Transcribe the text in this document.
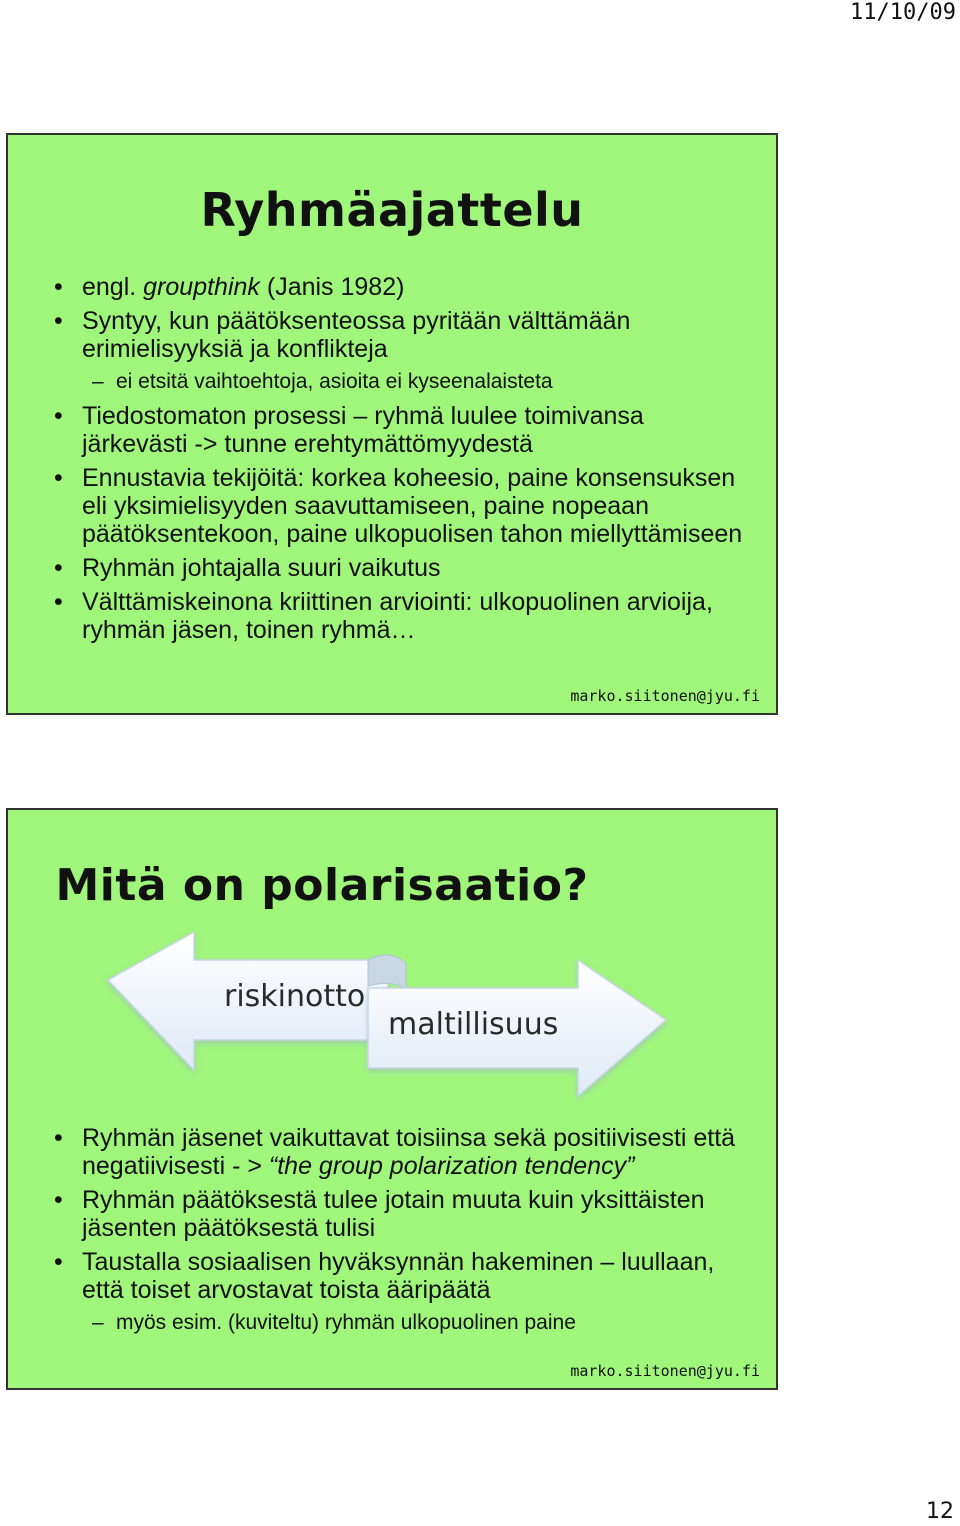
11/10/09
Ryhmäajattelu
• engl. groupthink (Janis 1982)
• Syntyy, kun päätöksenteossa pyritään välttämään erimielisyyksiä ja konflikteja
– ei etsitä vaihtoehtoja, asioita ei kyseenalaisteta
• Tiedostomaton prosessi – ryhmä luulee toimivansa järkevästi -> tunne erehtymättömyydestä
• Ennustavia tekijöitä: korkea koheesio, paine konsensuksen eli yksimielisyyden saavuttamiseen, paine nopeaan päätöksentekoon, paine ulkopuolisen tahon miellyttämiseen
• Ryhmän johtajalla suuri vaikutus
• Välttämiskeinona kriittinen arviointi: ulkopuolinen arvioija, ryhmän jäsen, toinen ryhmä…
marko.siitonen@jyu.fi
Mitä on polarisaatio?
riskinotto
maltillisuus
• Ryhmän jäsenet vaikuttavat toisiinsa sekä positiivisesti että negatiivisesti - > “the group polarization tendency”
• Ryhmän päätöksestä tulee jotain muuta kuin yksittäisten jäsenten päätöksestä tulisi
• Taustalla sosiaalisen hyväksynnän hakeminen – luullaan, että toiset arvostavat toista ääripäätä
– myös esim. (kuviteltu) ryhmän ulkopuolinen paine
marko.siitonen@jyu.fi
12
